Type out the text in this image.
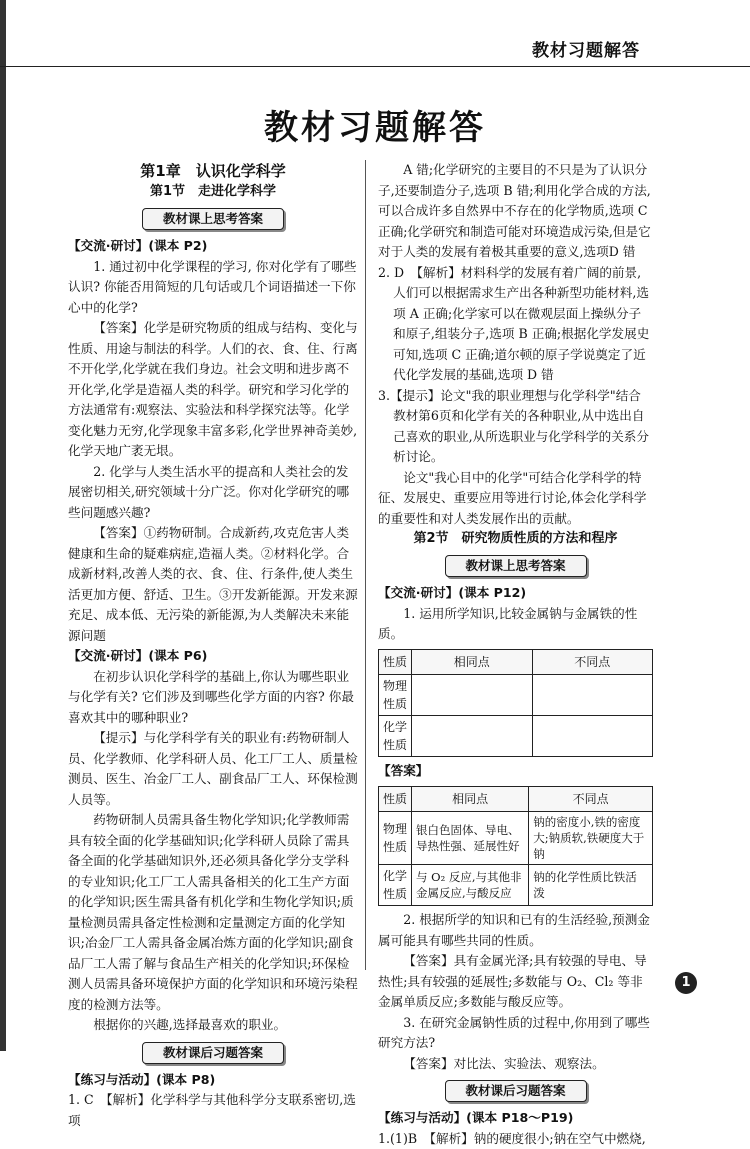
教材习题解答
教材习题解答
第1章　认识化学科学
第1节　走进化学科学
教材课上思考答案

【交流·研讨】(课本 P2)

1. 通过初中化学课程的学习, 你对化学有了哪些认识? 你能否用简短的几句话或几个词语描述一下你心中的化学?

【答案】化学是研究物质的组成与结构、变化与性质、用途与制法的科学。人们的衣、食、住、行离不开化学,化学就在我们身边。社会文明和进步离不开化学,化学是造福人类的科学。研究和学习化学的方法通常有:观察法、实验法和科学探究法等。化学变化魅力无穷,化学现象丰富多彩,化学世界神奇美妙,化学天地广袤无垠。

2. 化学与人类生活水平的提高和人类社会的发展密切相关,研究领域十分广泛。你对化学研究的哪些问题感兴趣?

【答案】①药物研制。合成新药,攻克危害人类健康和生命的疑难病症,造福人类。②材料化学。合成新材料,改善人类的衣、食、住、行条件,使人类生活更加方便、舒适、卫生。③开发新能源。开发来源充足、成本低、无污染的新能源,为人类解决未来能源问题

【交流·研讨】(课本 P6)

在初步认识化学科学的基础上,你认为哪些职业与化学有关? 它们涉及到哪些化学方面的内容? 你最喜欢其中的哪种职业?

【提示】与化学科学有关的职业有:药物研制人员、化学教师、化学科研人员、化工厂工人、质量检测员、医生、冶金厂工人、副食品厂工人、环保检测人员等。

药物研制人员需具备生物化学知识;化学教师需具有较全面的化学基础知识;化学科研人员除了需具备全面的化学基础知识外,还必须具备化学分支学科的专业知识;化工厂工人需具备相关的化工生产方面的化学知识;医生需具备有机化学和生物化学知识;质量检测员需具备定性检测和定量测定方面的化学知识;冶金厂工人需具备金属冶炼方面的化学知识;副食品厂工人需了解与食品生产相关的化学知识;环保检测人员需具备环境保护方面的化学知识和环境污染程度的检测方法等。

根据你的兴趣,选择最喜欢的职业。

教材课后习题答案

【练习与活动】(课本 P8)

1. C　【解析】化学科学与其他科学分支联系密切,选项

A 错;化学研究的主要目的不只是为了认识分子,还要制造分子,选项 B 错;利用化学合成的方法,可以合成许多自然界中不存在的化学物质,选项 C 正确;化学研究和制造可能对环境造成污染,但是它对于人类的发展有着极其重要的意义,选项D 错

2. D　【解析】材料科学的发展有着广阔的前景,人们可以根据需求生产出各种新型功能材料,选项 A 正确;化学家可以在微观层面上操纵分子和原子,组装分子,选项 B 正确;根据化学发展史可知,选项 C 正确;道尔顿的原子学说奠定了近代化学发展的基础,选项 D 错

3.【提示】论文"我的职业理想与化学科学"结合教材第6页和化学有关的各种职业,从中选出自己喜欢的职业,从所选职业与化学科学的关系分析讨论。

论文"我心目中的化学"可结合化学科学的特征、发展史、重要应用等进行讨论,体会化学科学的重要性和对人类发展作出的贡献。

第2节　研究物质性质的方法和程序
教材课上思考答案

【交流·研讨】(课本 P12)

1. 运用所学知识,比较金属钠与金属铁的性质。

性质	相同点	不同点
物理性质		
化学性质		

【答案】

性质	相同点	不同点
物理性质	银白色固体、导电、导热性强、延展性好	钠的密度小,铁的密度大;钠质软,铁硬度大于钠
化学性质	与 O₂ 反应,与其他非金属反应,与酸反应	钠的化学性质比铁活泼

2. 根据所学的知识和已有的生活经验,预测金属可能具有哪些共同的性质。

【答案】具有金属光泽;具有较强的导电、导热性;具有较强的延展性;多数能与 O₂、Cl₂ 等非金属单质反应;多数能与酸反应等。

3. 在研究金属钠性质的过程中,你用到了哪些研究方法?

【答案】对比法、实验法、观察法。

教材课后习题答案

【练习与活动】(课本 P18～P19)

1.(1)B　【解析】钠的硬度很小;钠在空气中燃烧,

1
